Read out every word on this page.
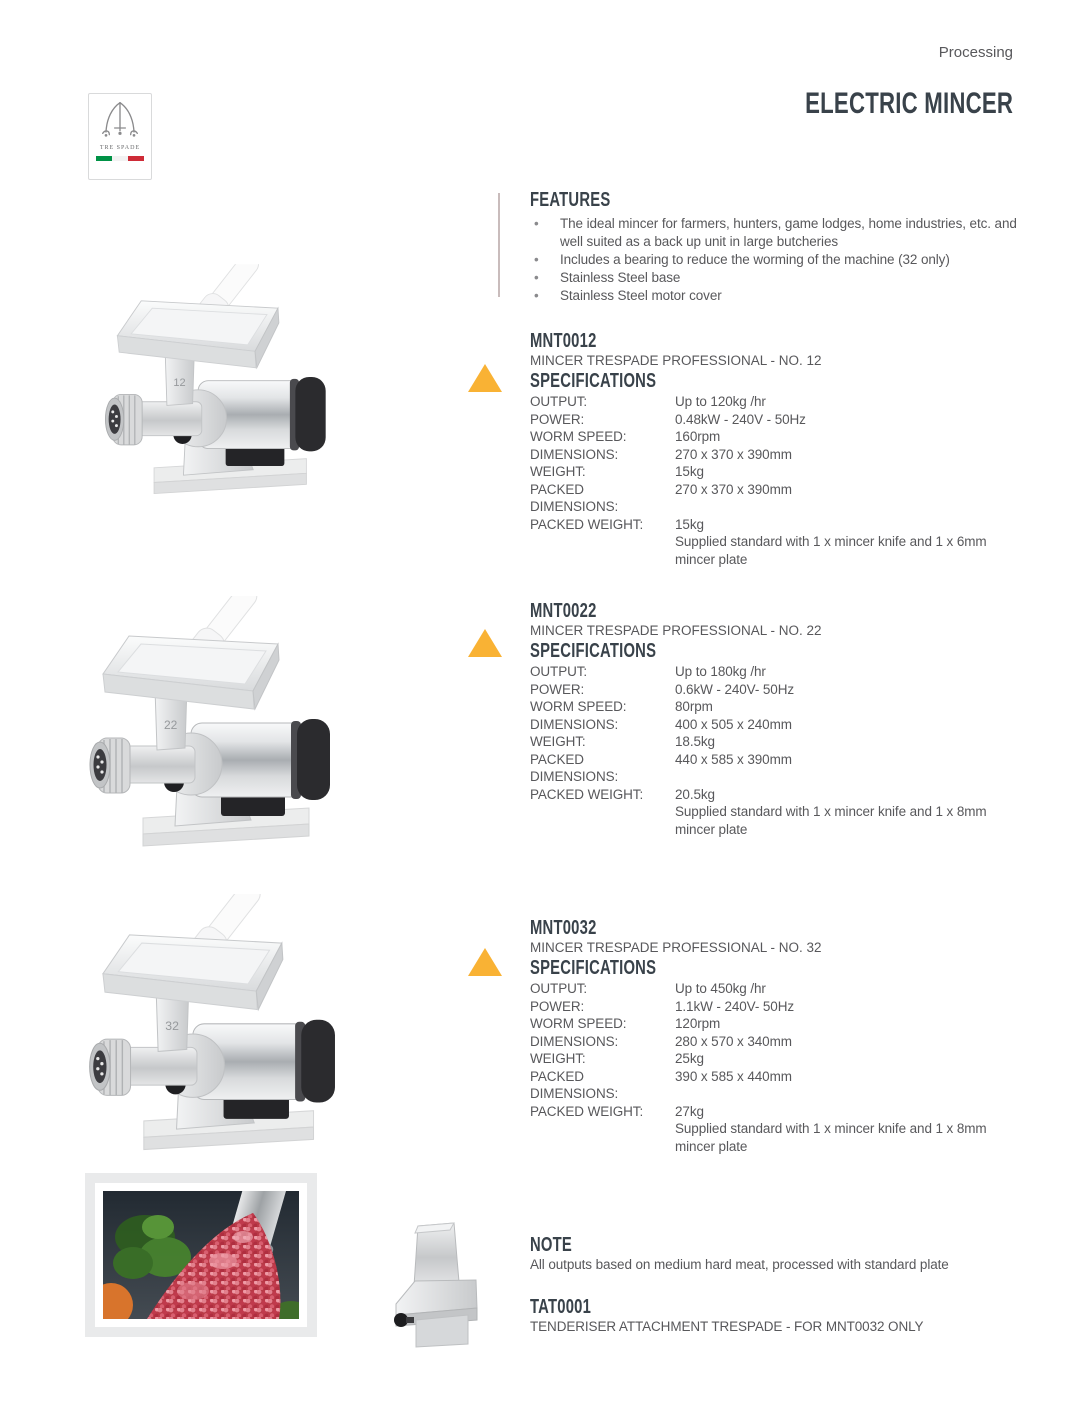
Processing
ELECTRIC MINCER
TRE SPADE
FEATURES
•
The ideal mincer for farmers, hunters, game lodges, home industries, etc. and well suited as a back up unit in large butcheries
•
Includes a bearing to reduce the worming of the machine (32 only)
•
Stainless Steel base
•
Stainless Steel motor cover
12
22
32
MNT0012
MINCER TRESPADE PROFESSIONAL - NO. 12
SPECIFICATIONS
OUTPUT:	Up to 120kg /hr
POWER:	0.48kW - 240V - 50Hz
WORM SPEED:	160rpm
DIMENSIONS:	270 x 370 x 390mm
WEIGHT:	15kg
PACKED DIMENSIONS:
270 x 370 x 390mm
PACKED WEIGHT:	15kg
Supplied standard with 1 x mincer knife and 1 x 6mm mincer plate
MNT0022
MINCER TRESPADE PROFESSIONAL - NO. 22
SPECIFICATIONS
OUTPUT:	Up to 180kg /hr
POWER:	0.6kW - 240V- 50Hz
WORM SPEED:	80rpm
DIMENSIONS:	400 x 505 x 240mm
WEIGHT:	18.5kg
PACKED DIMENSIONS:
440 x 585 x 390mm
PACKED WEIGHT:	20.5kg
Supplied standard with 1 x mincer knife and 1 x 8mm mincer plate
MNT0032
MINCER TRESPADE PROFESSIONAL - NO. 32
SPECIFICATIONS
OUTPUT:	Up to 450kg /hr
POWER:	1.1kW - 240V- 50Hz
WORM SPEED:	120rpm
DIMENSIONS:	280 x 570 x 340mm
WEIGHT:	25kg
PACKED DIMENSIONS:
390 x 585 x 440mm
PACKED WEIGHT:	27kg
Supplied standard with 1 x mincer knife and 1 x 8mm mincer plate
NOTE
All outputs based on medium hard meat, processed with standard plate
TAT0001
TENDERISER ATTACHMENT TRESPADE - FOR MNT0032 ONLY
